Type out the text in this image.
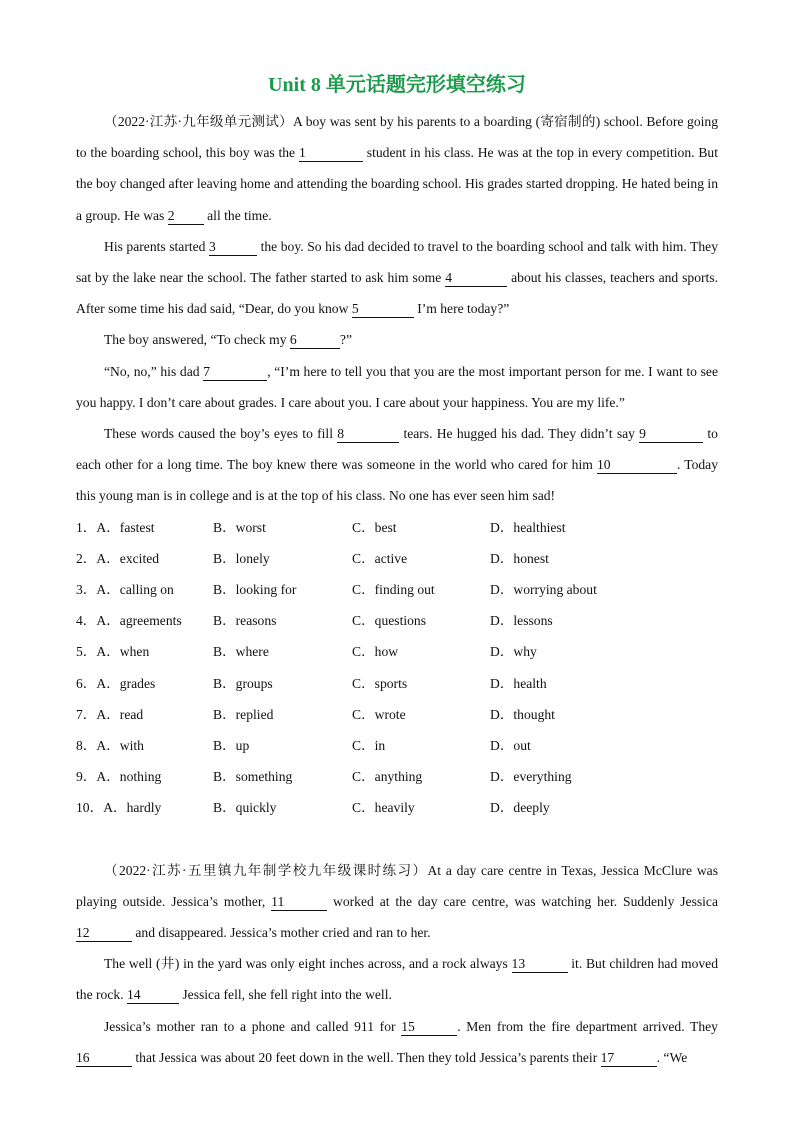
Unit 8 单元话题完形填空练习

（2022·江苏·九年级单元测试）A boy was sent by his parents to a boarding (寄宿制的) school. Before going to the boarding school, this boy was the 1	student in his class. He was at the top in every competition. But the boy changed after leaving home and attending the boarding school. His grades started dropping. He hated being in a group. He was 2 all the time.

His parents started 3	the boy. So his dad decided to travel to the boarding school and talk with him. They sat by the lake near the school. The father started to ask him some 4	about his classes, teachers and sports. After some time his dad said, “Dear, do you know 5	I’m here today?”

The boy answered, “To check my 6	?”

“No, no,” his dad 7	, “I’m here to tell you that you are the most important person for me. I want to see you happy. I don’t care about grades. I care about you. I care about your happiness. You are my life.”

These words caused the boy’s eyes to fill 8	tears. He hugged his dad. They didn’t say 9	to each other for a long time. The boy knew there was someone in the world who cared for him 10	. Today this young man is in college and is at the top of his class. No one has ever seen him sad!

1．A．fastest	B．worst	C．best	D．healthiest
2．A．excited	B．lonely	C．active	D．honest
3．A．calling on	B．looking for	C．finding out	D．worrying about
4．A．agreements	B．reasons	C．questions	D．lessons
5．A．when	B．where	C．how	D．why
6．A．grades	B．groups	C．sports	D．health
7．A．read	B．replied	C．wrote	D．thought
8．A．with	B．up	C．in	D．out
9．A．nothing	B．something	C．anything	D．everything
10．A．hardly	B．quickly	C．heavily	D．deeply

（2022·江苏·五里镇九年制学校九年级课时练习）At a day care centre in Texas, Jessica McClure was playing outside. Jessica’s mother, 11	worked at the day care centre, was watching her. Suddenly Jessica 12	and disappeared. Jessica’s mother cried and ran to her.

The well (井) in the yard was only eight inches across, and a rock always 13	it. But children had moved the rock. 14	Jessica fell, she fell right into the well.

Jessica’s mother ran to a phone and called 911 for 15	. Men from the fire department arrived. They 16	that Jessica was about 20 feet down in the well. Then they told Jessica’s parents their 17	. “We
